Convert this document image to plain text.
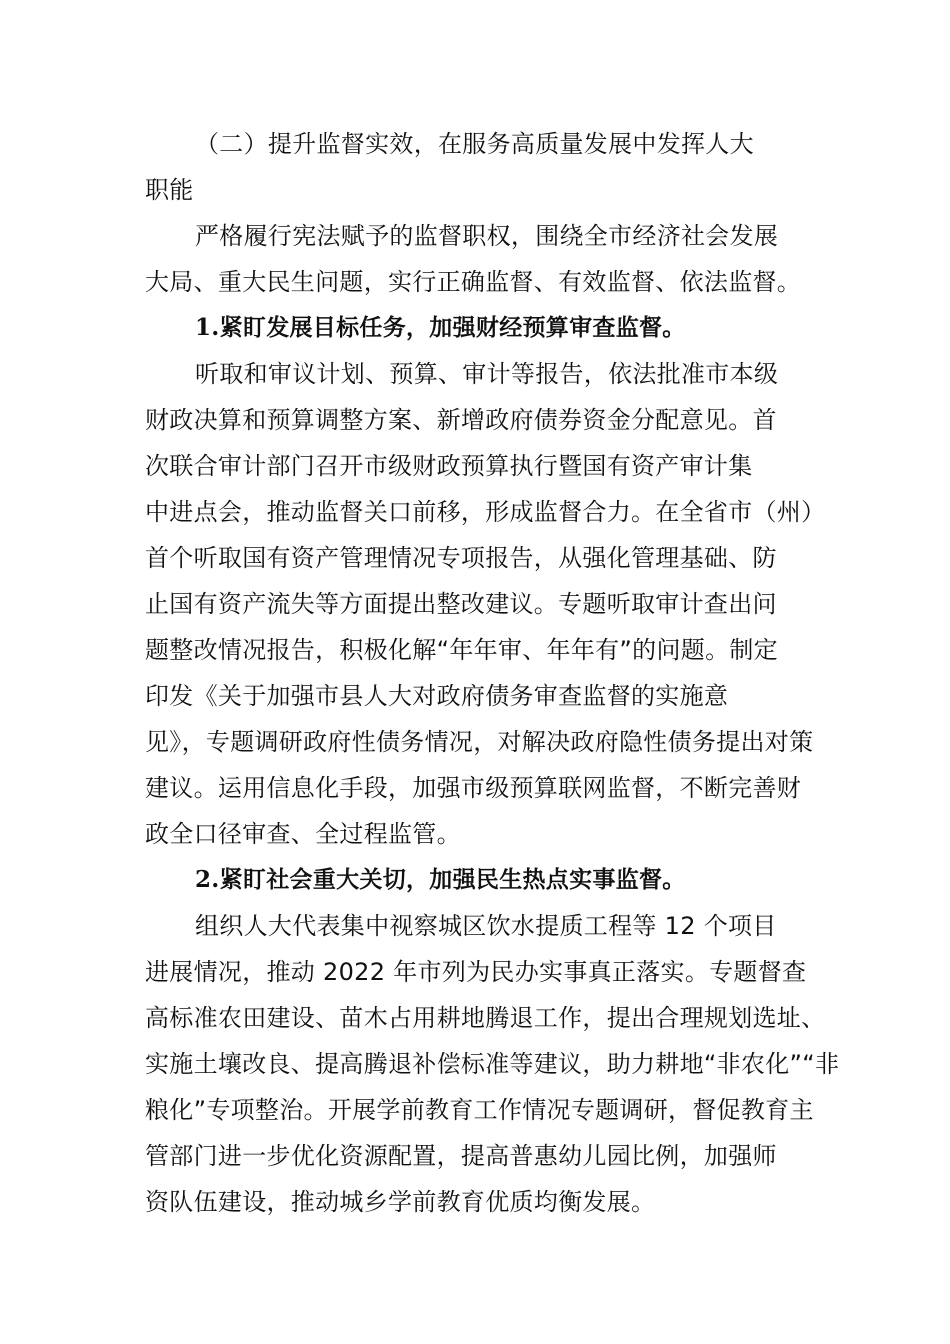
（二）提升监督实效，在服务高质量发展中发挥人大
职能
严格履行宪法赋予的监督职权，围绕全市经济社会发展
大局、重大民生问题，实行正确监督、有效监督、依法监督。
1.紧盯发展目标任务，加强财经预算审查监督。
听取和审议计划、预算、审计等报告，依法批准市本级
财政决算和预算调整方案、新增政府债券资金分配意见。首
次联合审计部门召开市级财政预算执行暨国有资产审计集
中进点会，推动监督关口前移，形成监督合力。在全省市（州）
首个听取国有资产管理情况专项报告，从强化管理基础、防
止国有资产流失等方面提出整改建议。专题听取审计查出问
题整改情况报告，积极化解“年年审、年年有”的问题。制定
印发《关于加强市县人大对政府债务审查监督的实施意
见》，专题调研政府性债务情况，对解决政府隐性债务提出对策
建议。运用信息化手段，加强市级预算联网监督，不断完善财
政全口径审查、全过程监管。
2.紧盯社会重大关切，加强民生热点实事监督。
组织人大代表集中视察城区饮水提质工程等 12 个项目
进展情况，推动 2022 年市列为民办实事真正落实。专题督查
高标准农田建设、苗木占用耕地腾退工作，提出合理规划选址、
实施土壤改良、提高腾退补偿标准等建议，助力耕地“非农化”“非
粮化”专项整治。开展学前教育工作情况专题调研，督促教育主
管部门进一步优化资源配置，提高普惠幼儿园比例，加强师
资队伍建设，推动城乡学前教育优质均衡发展。
